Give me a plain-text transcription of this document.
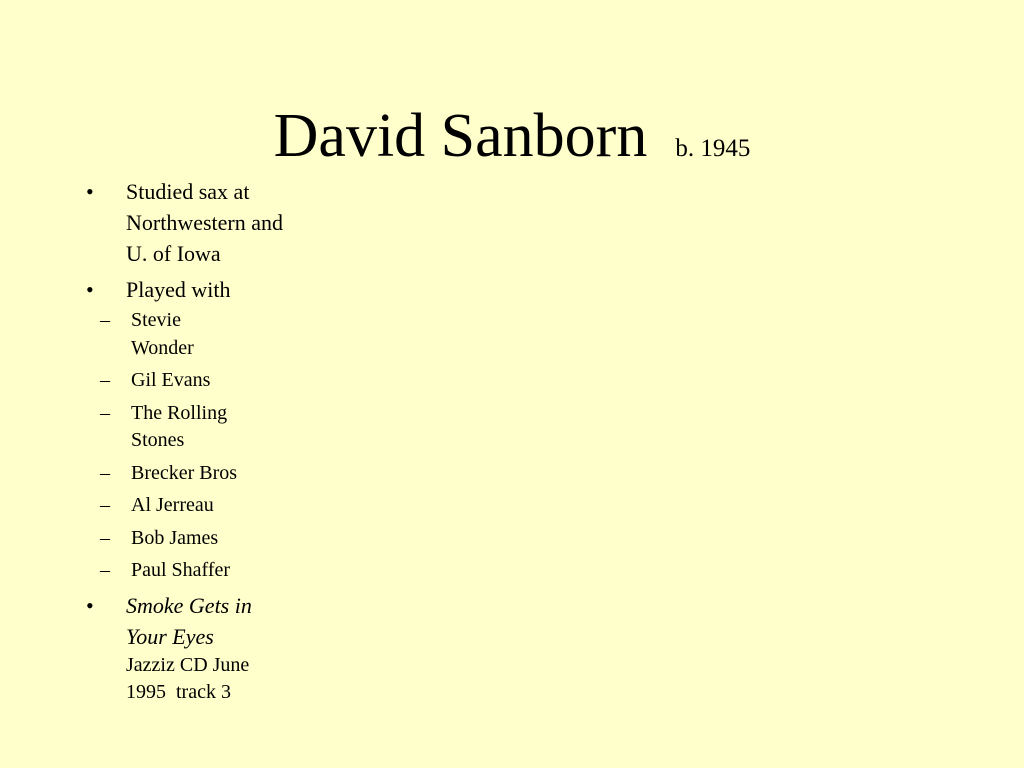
David Sanborn b. 1945
• Studied sax at Northwestern and U. of Iowa
• Played with
– Stevie Wonder
– Gil Evans
– The Rolling Stones
– Brecker Bros
– Al Jerreau
– Bob James
– Paul Shaffer
• Smoke Gets in Your Eyes
Jazziz CD June
1995  track 3
